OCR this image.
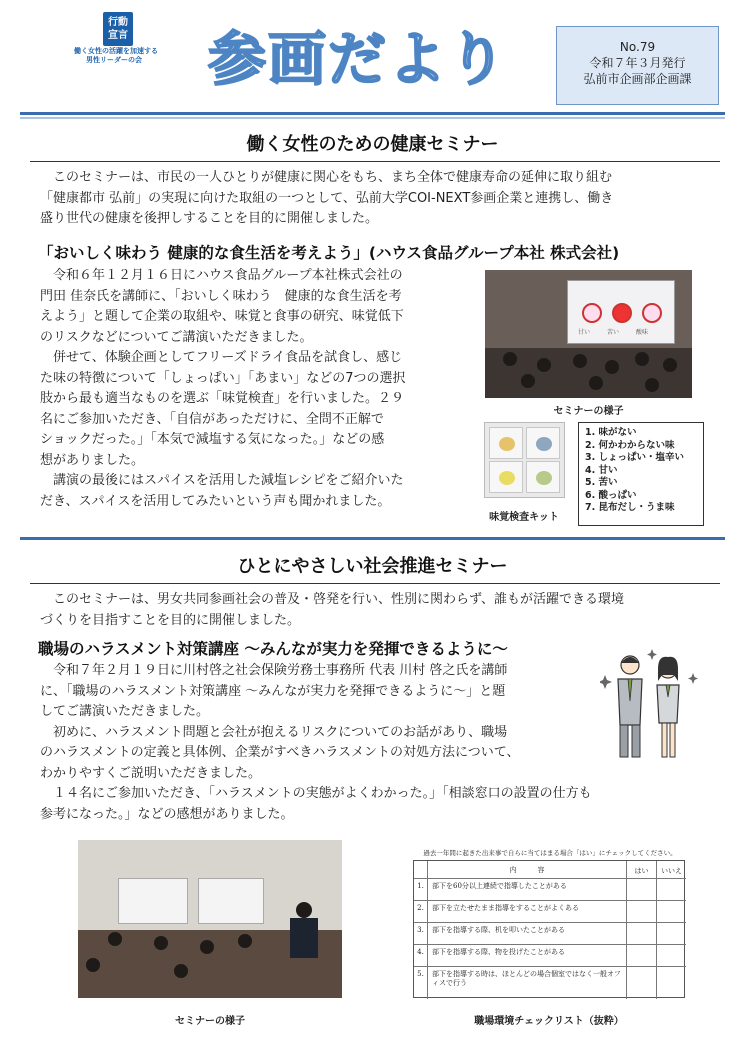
行動
宣言
働く女性の活躍を加速する
男性リーダーの会	参画だより	No.79
令和７年３月発行
弘前市企画部企画課
働く女性のための健康セミナー
　このセミナーは、市民の一人ひとりが健康に関心をもち、まち全体で健康寿命の延伸に取り組む
「健康都市 弘前」の実現に向けた取組の一つとして、弘前大学COI-NEXT参画企業と連携し、働き
盛り世代の健康を後押しすることを目的に開催しました。
「おいしく味わう 健康的な食生活を考えよう」(ハウス食品グループ本社 株式会社)
　令和６年１２月１６日にハウス食品グループ本社株式会社の
門田 佳奈氏を講師に、「おいしく味わう　健康的な食生活を考
えよう」と題して企業の取組や、味覚と食事の研究、味覚低下
のリスクなどについてご講演いただきました。
　併せて、体験企画としてフリーズドライ食品を試食し、感じ
た味の特徴について「しょっぱい」「あまい」などの7つの選択
肢から最も適当なものを選ぶ「味覚検査」を行いました。２９
名にご参加いただき、「自信があっただけに、全問不正解で
ショックだった。」「本気で減塩する気になった。」などの感
想がありました。
　講演の最後にはスパイスを活用した減塩レシピをご紹介いた
だき、スパイスを活用してみたいという声も聞かれました。
甘い	苦い	酸味
セミナーの様子
味覚検査キット
1. 味がない
2. 何かわからない味
3. しょっぱい・塩辛い
4. 甘い
5. 苦い
6. 酸っぱい
7. 昆布だし・うま味
ひとにやさしい社会推進セミナー
　このセミナーは、男女共同参画社会の普及・啓発を行い、性別に関わらず、誰もが活躍できる環境
づくりを目指すことを目的に開催しました。
職場のハラスメント対策講座 ～みんなが実力を発揮できるように～
　令和７年２月１９日に川村啓之社会保険労務士事務所 代表 川村 啓之氏を講師
に、「職場のハラスメント対策講座 ～みんなが実力を発揮できるように～」と題
してご講演いただきました。
　初めに、ハラスメント問題と会社が抱えるリスクについてのお話があり、職場
のハラスメントの定義と具体例、企業がすべきハラスメントの対処方法について、
わかりやすくご説明いただきました。
　１４名にご参加いただき、「ハラスメントの実態がよくわかった。」「相談窓口の設置の仕方も
参考になった。」などの感想がありました。
セミナーの様子
過去一年間に起きた出来事で自らに当てはまる場合「はい」にチェックしてください。
内　　　容	はい	いいえ
1.	部下を60分以上連続で指導したことがある
2.	部下を立たせたまま指導をすることがよくある
3.	部下を指導する際、机を叩いたことがある
4.	部下を指導する際、物を投げたことがある
5.	部下を指導する時は、ほとんどの場合個室ではなく一般オフィスで行う
職場環境チェックリスト（抜粋）
